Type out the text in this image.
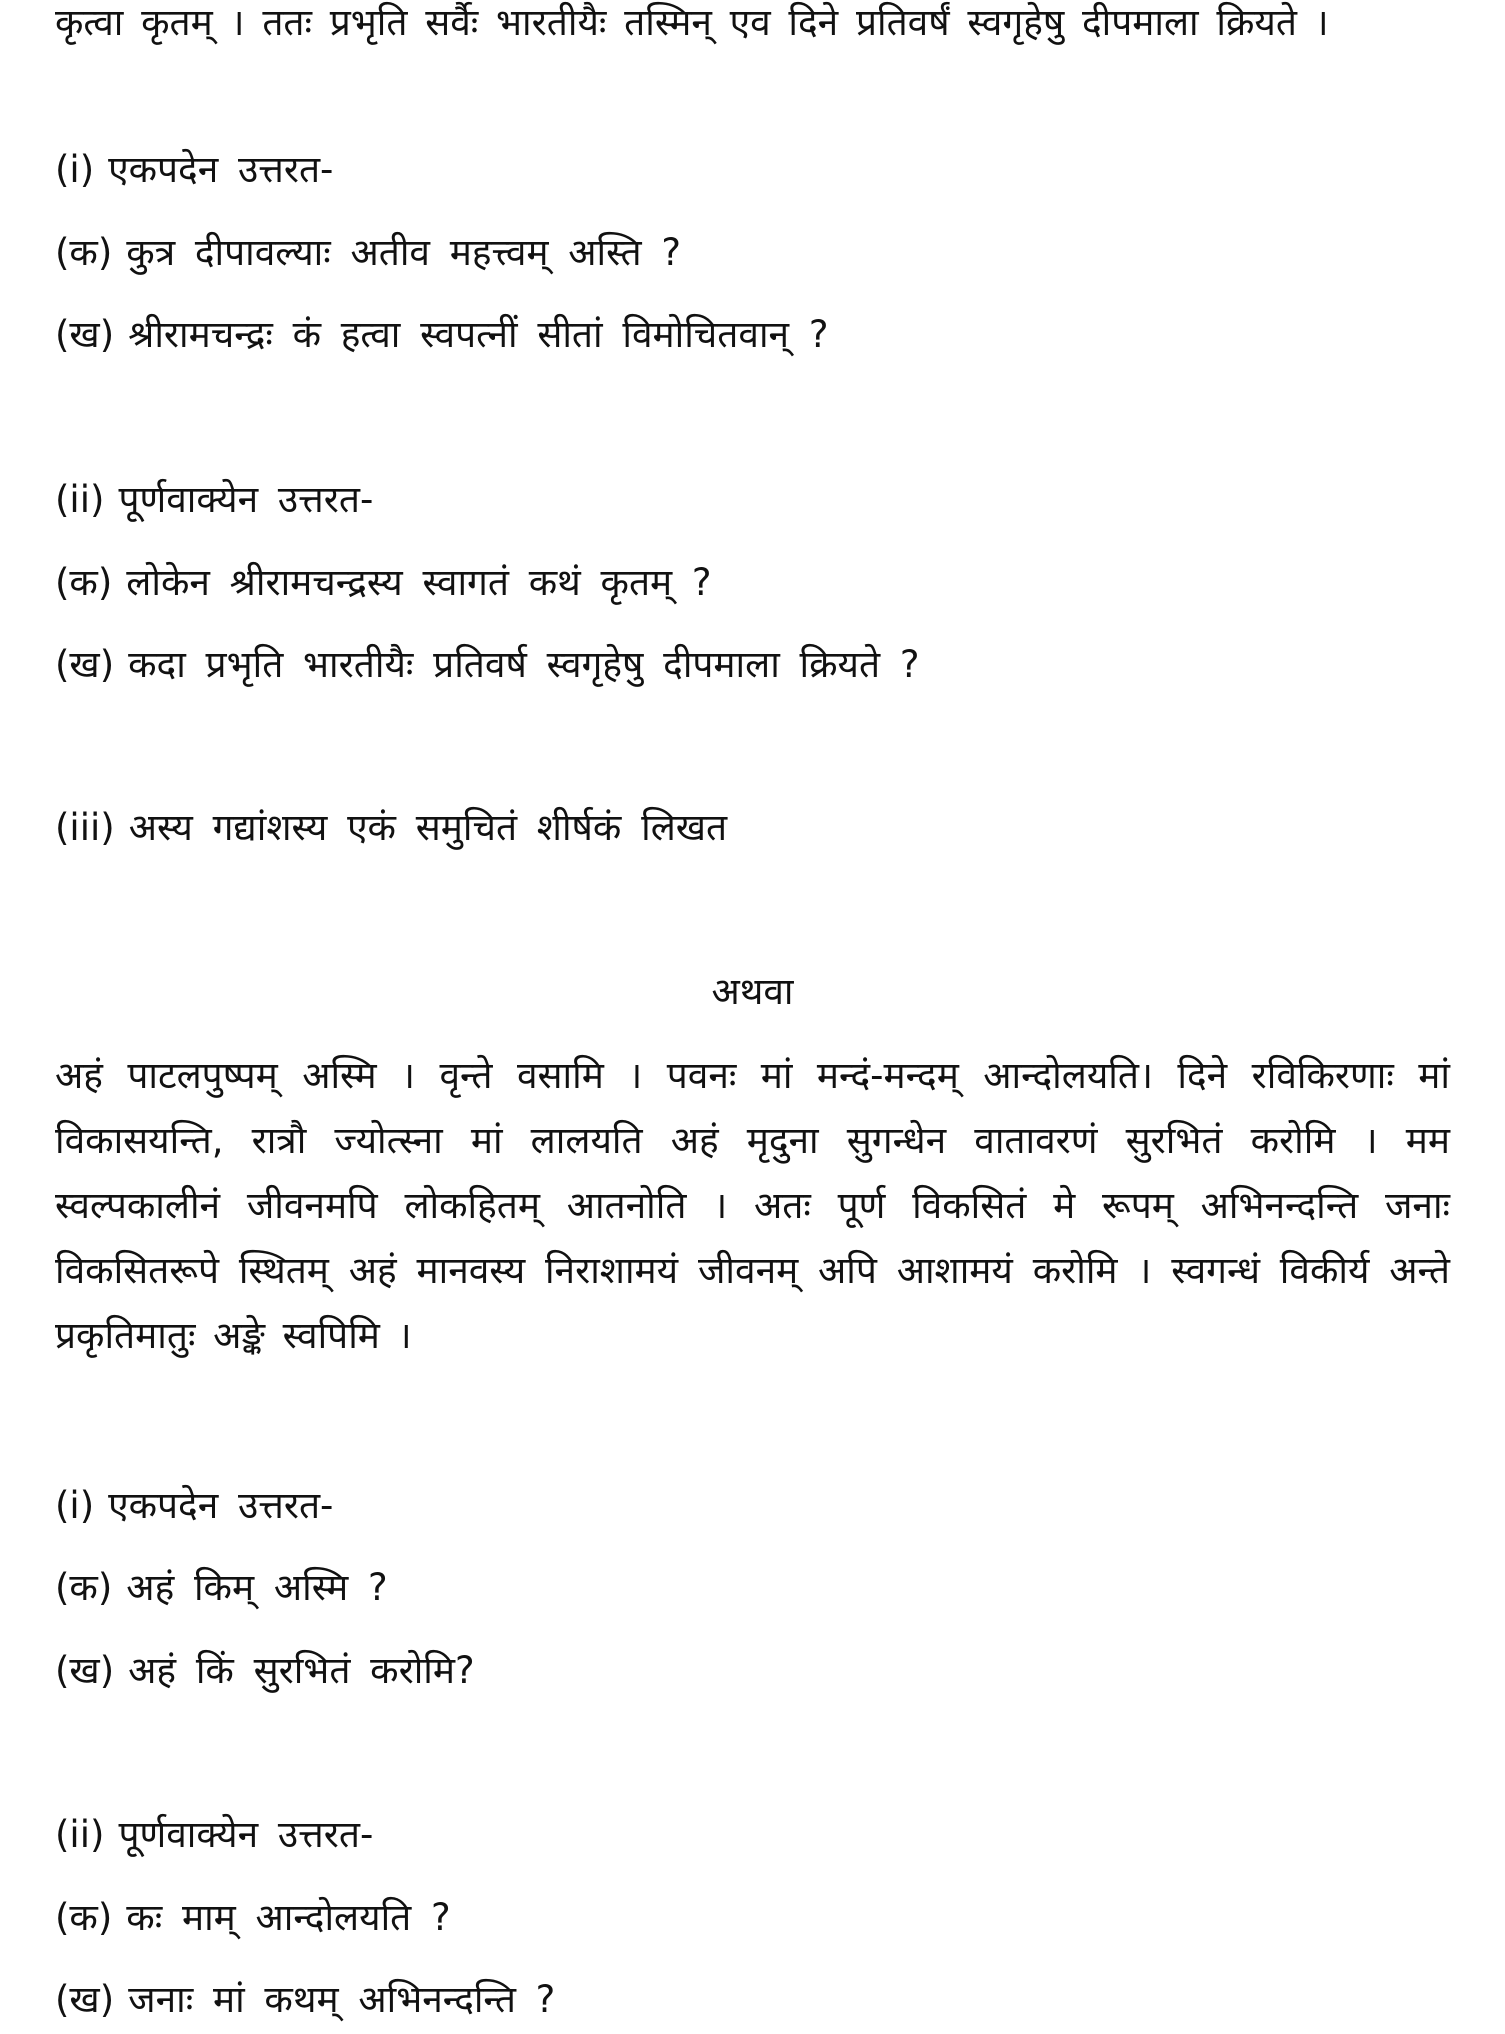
कृत्वा कृतम् । ततः प्रभृति सर्वैः भारतीयैः तस्मिन् एव दिने प्रतिवर्षं स्वगृहेषु दीपमाला क्रियते ।
(i) एकपदेन उत्तरत-
(क) कुत्र दीपावल्याः अतीव महत्त्वम् अस्ति ?
(ख) श्रीरामचन्द्रः कं हत्वा स्वपत्नीं सीतां विमोचितवान् ?
(ii) पूर्णवाक्येन उत्तरत-
(क) लोकेन श्रीरामचन्द्रस्य स्वागतं कथं कृतम् ?
(ख) कदा प्रभृति भारतीयैः प्रतिवर्ष स्वगृहेषु दीपमाला क्रियते ?
(iii) अस्य गद्यांशस्य एकं समुचितं शीर्षकं लिखत
अथवा
अहं पाटलपुष्पम् अस्मि । वृन्ते वसामि । पवनः मां मन्दं-मन्दम् आन्दोलयति। दिने रविकिरणाः मां विकासयन्ति, रात्रौ ज्योत्स्ना मां लालयति अहं मृदुना सुगन्धेन वातावरणं सुरभितं करोमि । मम स्वल्पकालीनं जीवनमपि लोकहितम् आतनोति । अतः पूर्ण विकसितं मे रूपम् अभिनन्दन्ति जनाः विकसितरूपे स्थितम् अहं मानवस्य निराशामयं जीवनम् अपि आशामयं करोमि । स्वगन्धं विकीर्य अन्ते प्रकृतिमातुः अङ्के स्वपिमि ।
(i) एकपदेन उत्तरत-
(क) अहं किम् अस्मि ?
(ख) अहं किं सुरभितं करोमि?
(ii) पूर्णवाक्येन उत्तरत-
(क) कः माम् आन्दोलयति ?
(ख) जनाः मां कथम् अभिनन्दन्ति ?
